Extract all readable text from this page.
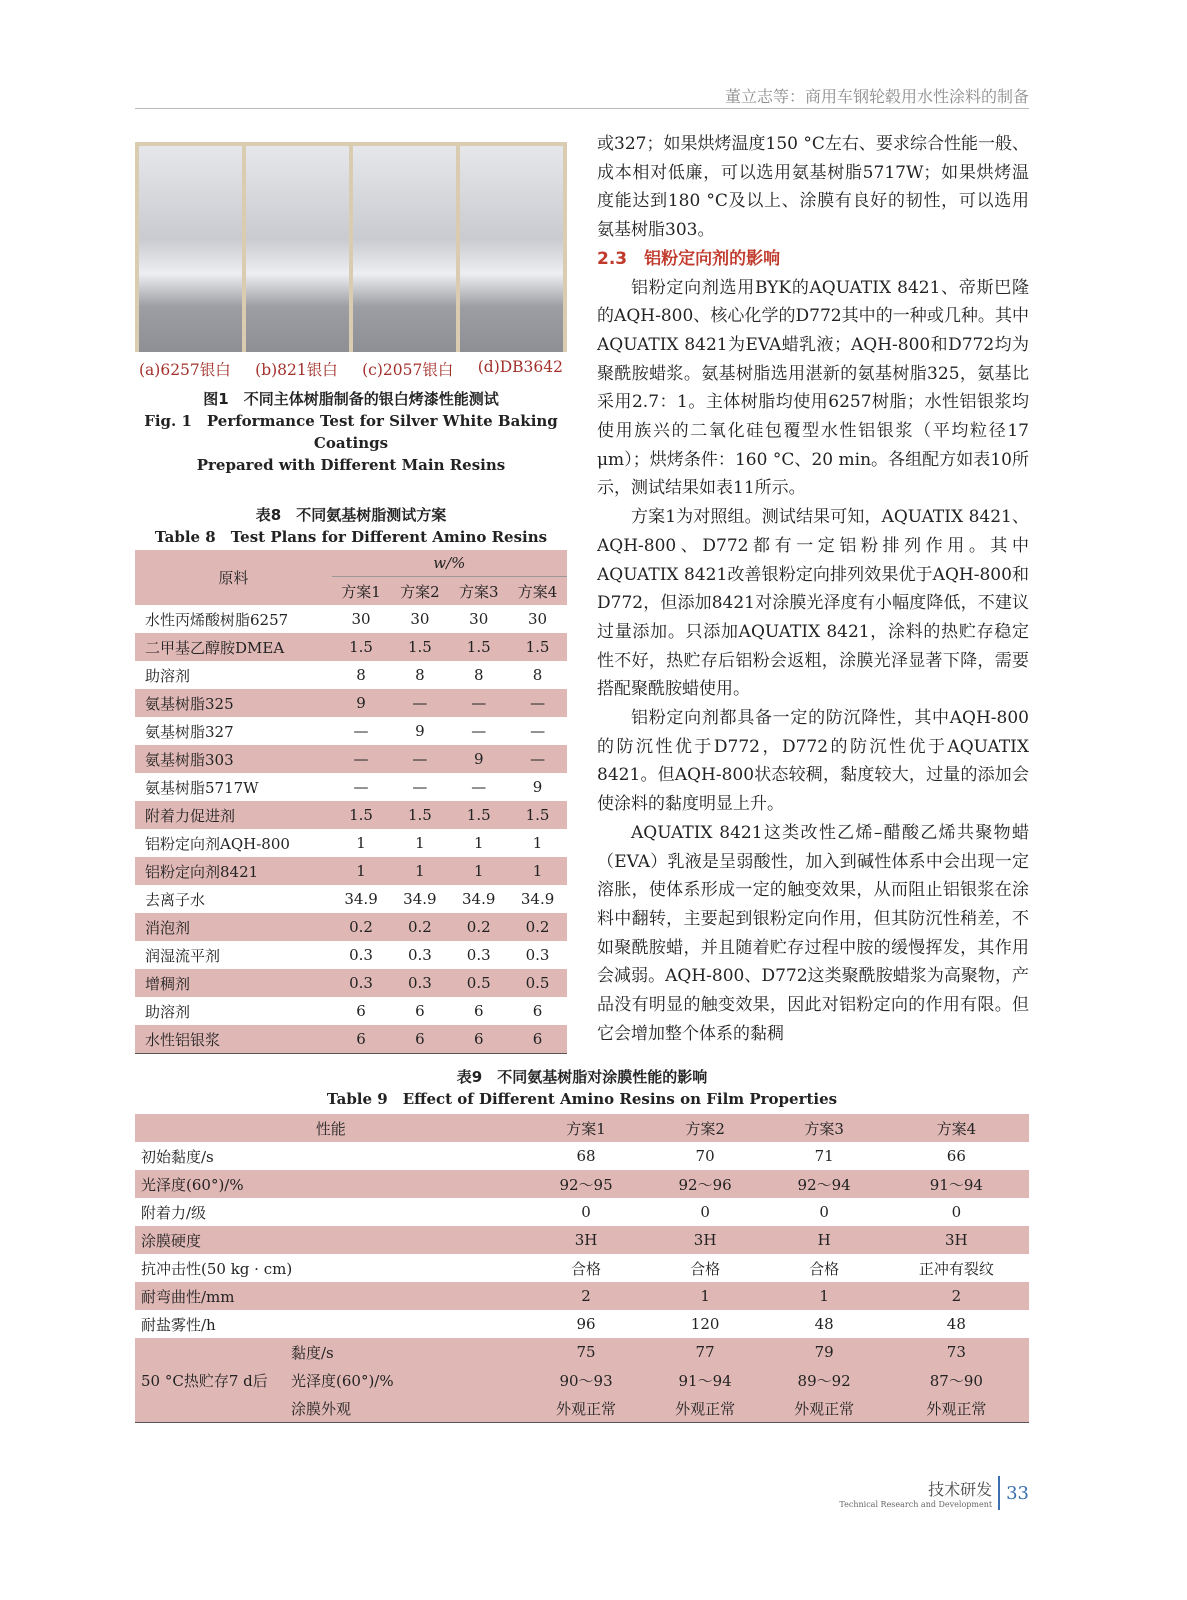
董立志等：商用车钢轮毂用水性涂料的制备
(a)6257银白 (b)821银白 (c)2057银白 (d)DB3642
图1　不同主体树脂制备的银白烤漆性能测试
Fig. 1　Performance Test for Silver White Baking Coatings
Prepared with Different Main Resins
表8　不同氨基树脂测试方案
Table 8　Test Plans for Different Amino Resins
原料	w/%			
	方案1	方案2	方案3	方案4
水性丙烯酸树脂6257	30	30	30	30
二甲基乙醇胺DMEA	1.5	1.5	1.5	1.5
助溶剂	8	8	8	8
氨基树脂325	9	—	—	—
氨基树脂327	—	9	—	—
氨基树脂303	—	—	9	—
氨基树脂5717W	—	—	—	9
附着力促进剂	1.5	1.5	1.5	1.5
铝粉定向剂AQH-800	1	1	1	1
铝粉定向剂8421	1	1	1	1
去离子水	34.9	34.9	34.9	34.9
消泡剂	0.2	0.2	0.2	0.2
润湿流平剂	0.3	0.3	0.3	0.3
增稠剂	0.3	0.3	0.5	0.5
助溶剂	6	6	6	6
水性铝银浆	6	6	6	6

或327；如果烘烤温度150 °C左右、要求综合性能一般、成本相对低廉，可以选用氨基树脂5717W；如果烘烤温度能达到180 °C及以上、涂膜有良好的韧性，可以选用氨基树脂303。

2.3　铝粉定向剂的影响

铝粉定向剂选用BYK的AQUATIX 8421、帝斯巴隆的AQH-800、核心化学的D772其中的一种或几种。其中AQUATIX 8421为EVA蜡乳液；AQH-800和D772均为聚酰胺蜡浆。氨基树脂选用湛新的氨基树脂325，氨基比采用2.7：1。主体树脂均使用6257树脂；水性铝银浆均使用族兴的二氧化硅包覆型水性铝银浆（平均粒径17 μm）；烘烤条件：160 °C、20 min。各组配方如表10所示，测试结果如表11所示。

方案1为对照组。测试结果可知，AQUATIX 8421、AQH-800、D772都有一定铝粉排列作用。其中AQUATIX 8421改善银粉定向排列效果优于AQH-800和D772，但添加8421对涂膜光泽度有小幅度降低，不建议过量添加。只添加AQUATIX 8421，涂料的热贮存稳定性不好，热贮存后铝粉会返粗，涂膜光泽显著下降，需要搭配聚酰胺蜡使用。

铝粉定向剂都具备一定的防沉降性，其中AQH-800的防沉性优于D772，D772的防沉性优于AQUATIX 8421。但AQH-800状态较稠，黏度较大，过量的添加会使涂料的黏度明显上升。

AQUATIX 8421这类改性乙烯–醋酸乙烯共聚物蜡（EVA）乳液是呈弱酸性，加入到碱性体系中会出现一定溶胀，使体系形成一定的触变效果，从而阻止铝银浆在涂料中翻转，主要起到银粉定向作用，但其防沉性稍差，不如聚酰胺蜡，并且随着贮存过程中胺的缓慢挥发，其作用会减弱。AQH-800、D772这类聚酰胺蜡浆为高聚物，产品没有明显的触变效果，因此对铝粉定向的作用有限。但它会增加整个体系的黏稠

表9　不同氨基树脂对涂膜性能的影响
Table 9　Effect of Different Amino Resins on Film Properties
性能		方案1	方案2	方案3	方案4
初始黏度/s		68	70	71	66
光泽度(60°)/%		92～95	92～96	92～94	91～94
附着力/级		0	0	0	0
涂膜硬度		3H	3H	H	3H
抗冲击性(50 kg · cm)		合格	合格	合格	正冲有裂纹
耐弯曲性/mm		2	1	1	2
耐盐雾性/h		96	120	48	48
50 °C热贮存7 d后	黏度/s	75	77	79	73
	光泽度(60°)/%	90～93	91～94	89～92	87～90
	涂膜外观	外观正常	外观正常	外观正常	外观正常
技术研发
Technical Research and Development
33
